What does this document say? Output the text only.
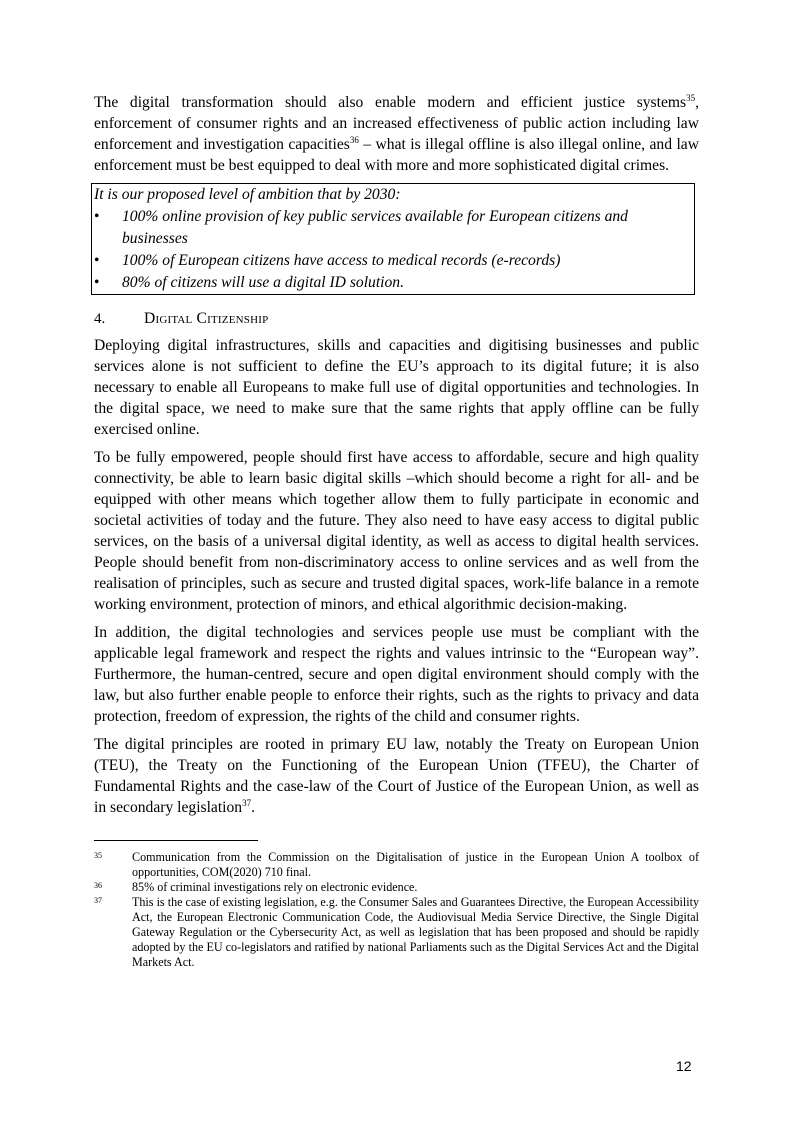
The digital transformation should also enable modern and efficient justice systems$^{35}$, enforcement of consumer rights and an increased effectiveness of public action including law enforcement and investigation capacities$^{36}$ – what is illegal offline is also illegal online, and law enforcement must be best equipped to deal with more and more sophisticated digital crimes.

It is our proposed level of ambition that by 2030:
• 100% online provision of key public services available for European citizens and businesses
• 100% of European citizens have access to medical records (e-records)
• 80% of citizens will use a digital ID solution.
4.	Digital Citizenship

Deploying digital infrastructures, skills and capacities and digitising businesses and public services alone is not sufficient to define the EU’s approach to its digital future; it is also necessary to enable all Europeans to make full use of digital opportunities and technologies. In the digital space, we need to make sure that the same rights that apply offline can be fully exercised online.

To be fully empowered, people should first have access to affordable, secure and high quality connectivity, be able to learn basic digital skills –which should become a right for all- and be equipped with other means which together allow them to fully participate in economic and societal activities of today and the future. They also need to have easy access to digital public services, on the basis of a universal digital identity, as well as access to digital health services. People should benefit from non-discriminatory access to online services and as well from the realisation of principles, such as secure and trusted digital spaces, work-life balance in a remote working environment, protection of minors, and ethical algorithmic decision-making.

In addition, the digital technologies and services people use must be compliant with the applicable legal framework and respect the rights and values intrinsic to the “European way”. Furthermore, the human-centred, secure and open digital environment should comply with the law, but also further enable people to enforce their rights, such as the rights to privacy and data protection, freedom of expression, the rights of the child and consumer rights.

The digital principles are rooted in primary EU law, notably the Treaty on European Union (TEU), the Treaty on the Functioning of the European Union (TFEU), the Charter of Fundamental Rights and the case-law of the Court of Justice of the European Union, as well as in secondary legislation$^{37}$.

35	Communication from the Commission on the Digitalisation of justice in the European Union A toolbox of opportunities, COM(2020) 710 final.
36	85% of criminal investigations rely on electronic evidence.
37	This is the case of existing legislation, e.g. the Consumer Sales and Guarantees Directive, the European Accessibility Act, the European Electronic Communication Code, the Audiovisual Media Service Directive, the Single Digital Gateway Regulation or the Cybersecurity Act, as well as legislation that has been proposed and should be rapidly adopted by the EU co-legislators and ratified by national Parliaments such as the Digital Services Act and the Digital Markets Act.
12
